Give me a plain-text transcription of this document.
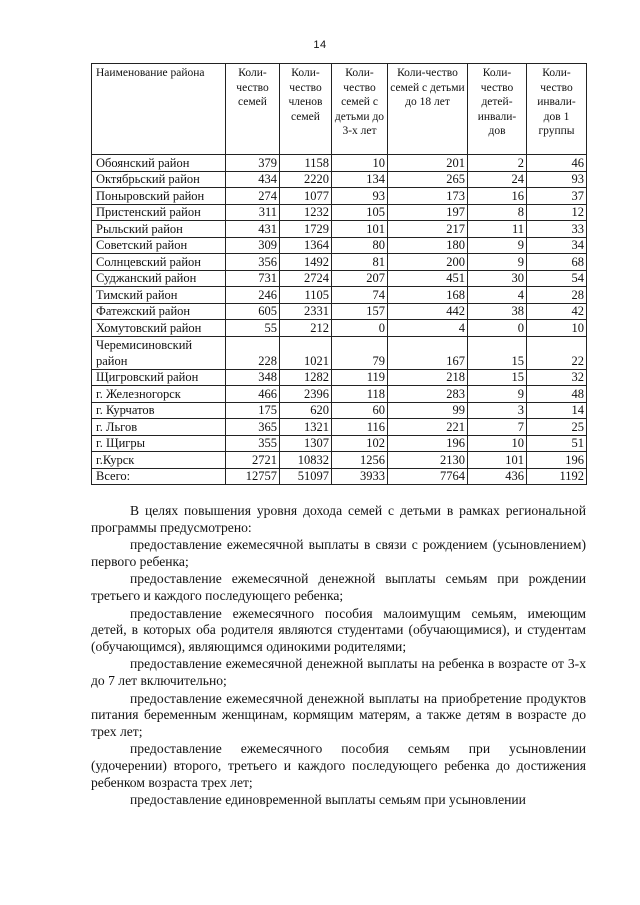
14
Наименование района	Коли-чество семей	Коли-чество членов семей	Коли-чество семей с детьми до 3-х лет	Коли-чество семей с детьми до 18 лет	Коли-чество детей-инвали-дов	Коли-чество инвали-дов 1 группы
Обоянский район	379	1158	10	201	2	46
Октябрьский район	434	2220	134	265	24	93
Поныровский район	274	1077	93	173	16	37
Пристенский район	311	1232	105	197	8	12
Рыльский район	431	1729	101	217	11	33
Советский район	309	1364	80	180	9	34
Солнцевский район	356	1492	81	200	9	68
Суджанский район	731	2724	207	451	30	54
Тимский район	246	1105	74	168	4	28
Фатежский район	605	2331	157	442	38	42
Хомутовский район	55	212	0	4	0	10
Черемисиновский район	228	1021	79	167	15	22
Щигровский район	348	1282	119	218	15	32
г. Железногорск	466	2396	118	283	9	48
г. Курчатов	175	620	60	99	3	14
г. Льгов	365	1321	116	221	7	25
г. Щигры	355	1307	102	196	10	51
г.Курск	2721	10832	1256	2130	101	196
Всего:	12757	51097	3933	7764	436	1192

В целях повышения уровня дохода семей с детьми в рамках региональной программы предусмотрено:

предоставление ежемесячной выплаты в связи с рождением (усыновлением) первого ребенка;

предоставление ежемесячной денежной выплаты семьям при рождении третьего и каждого последующего ребенка;

предоставление ежемесячного пособия малоимущим семьям, имеющим детей, в которых оба родителя являются студентами (обучающимися), и студентам (обучающимся), являющимся одинокими родителями;

предоставление ежемесячной денежной выплаты на ребенка в возрасте от 3-х до 7 лет включительно;

предоставление ежемесячной денежной выплаты на приобретение продуктов питания беременным женщинам, кормящим матерям, а также детям в возрасте до трех лет;

предоставление ежемесячного пособия семьям при усыновлении (удочерении) второго, третьего и каждого последующего ребенка до достижения ребенком возраста трех лет;

предоставление единовременной выплаты семьям при усыновлении
